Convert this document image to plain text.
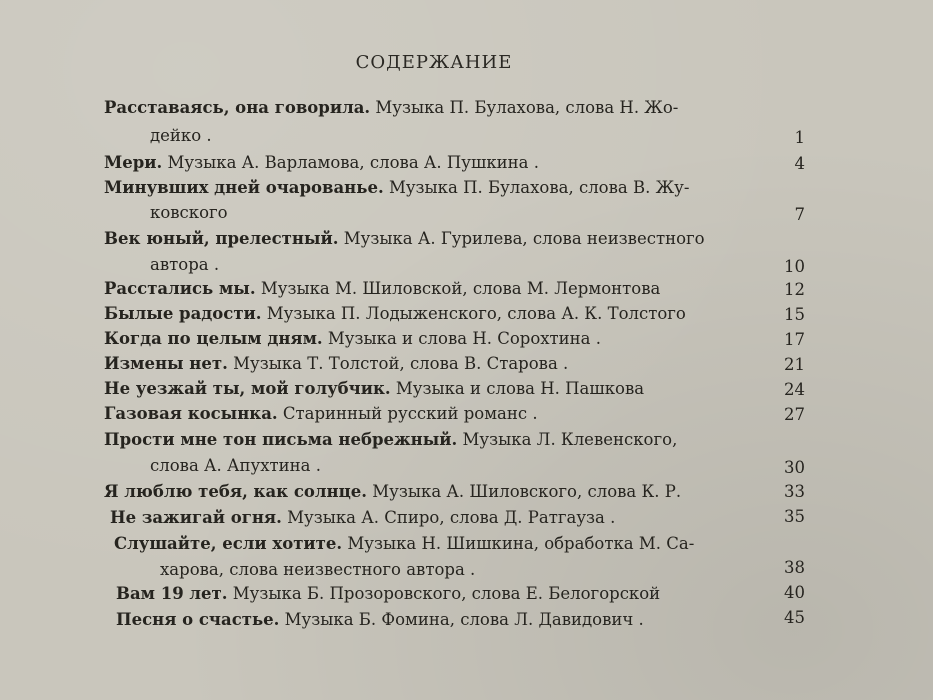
СОДЕРЖАНИЕ
Расставаясь, она говорила. Музыка П. Булахова, слова Н. Жо-
дейко .	1
Мери. Музыка А. Варламова, слова А. Пушкина .	4
Минувших дней очарованье. Музыка П. Булахова, слова В. Жу-
ковского	7
Век юный, прелестный. Музыка А. Гурилева, слова неизвестного
автора .	10
Расстались мы. Музыка М. Шиловской, слова М. Лермонтова	12
Былые радости. Музыка П. Лодыженского, слова А. К. Толстого	15
Когда по целым дням. Музыка и слова Н. Сорохтина .	17
Измены нет. Музыка Т. Толстой, слова В. Старова .	21
Не уезжай ты, мой голубчик. Музыка и слова Н. Пашкова	24
Газовая косынка. Старинный русский романс .	27
Прости мне тон письма небрежный. Музыка Л. Клевенского,
слова А. Апухтина .	30
Я люблю тебя, как солнце. Музыка А. Шиловского, слова К. Р.	33
Не зажигай огня. Музыка А. Спиро, слова Д. Ратгауза .	35
Слушайте, если хотите. Музыка Н. Шишкина, обработка М. Са-
харова, слова неизвестного автора .	38
Вам 19 лет. Музыка Б. Прозоровского, слова Е. Белогорской	40
Песня о счастье. Музыка Б. Фомина, слова Л. Давидович .	45
